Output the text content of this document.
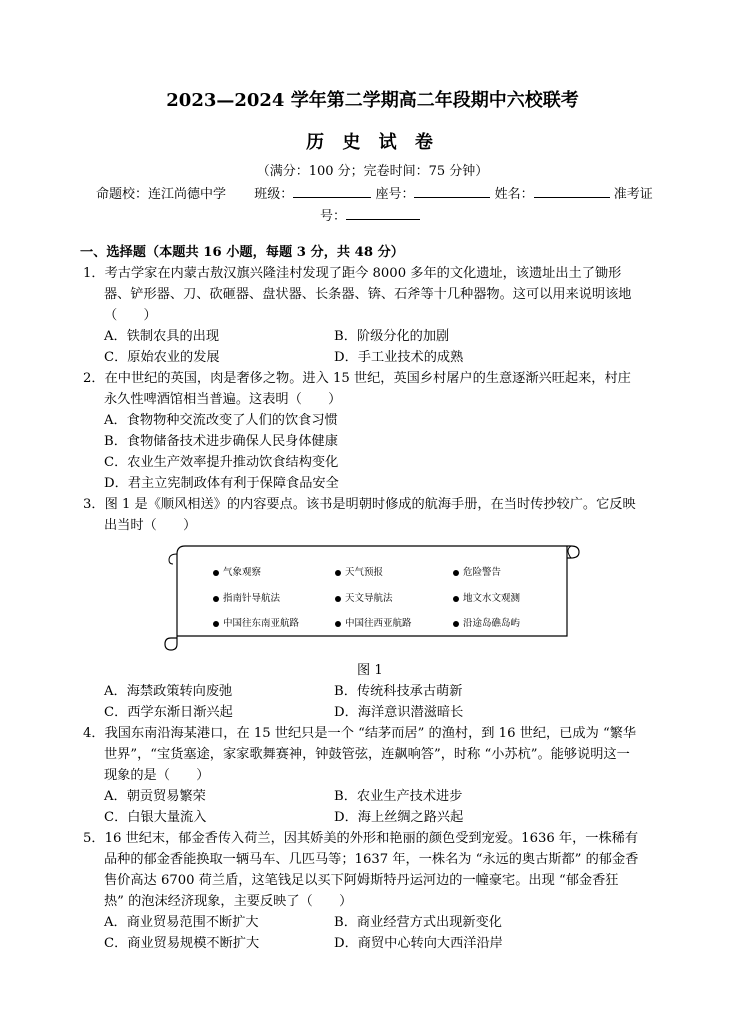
2023—2024 学年第二学期高二年段期中六校联考
历 史 试 卷
（满分：100 分；完卷时间：75 分钟）
命题校：连江尚德中学 班级：	座号：	姓名：	准考证
号：
一、选择题（本题共 16 小题，每题 3 分，共 48 分）
1．考古学家在内蒙古敖汉旗兴隆洼村发现了距今 8000 多年的文化遗址，该遗址出土了锄形
器、铲形器、刀、砍砸器、盘状器、长条器、锛、石斧等十几种器物。这可以用来说明该地
（　　）
A．铁制农具的出现	B．阶级分化的加剧
C．原始农业的发展	D．手工业技术的成熟
2．在中世纪的英国，肉是奢侈之物。进入 15 世纪，英国乡村屠户的生意逐渐兴旺起来，村庄
永久性啤酒馆相当普遍。这表明（　　）
A．食物物种交流改变了人们的饮食习惯
B．食物储备技术进步确保人民身体健康
C．农业生产效率提升推动饮食结构变化
D．君主立宪制政体有利于保障食品安全
3．图 1 是《顺风相送》的内容要点。该书是明朝时修成的航海手册，在当时传抄较广。它反映
出当时（　　）
气象观察	天气预报	危险警告
指南针导航法	天文导航法	地文水文观测
中国往东南亚航路	中国往西亚航路	沿途岛礁岛屿
图 1
A．海禁政策转向废弛	B．传统科技承古萌新
C．西学东渐日渐兴起	D．海洋意识潜滋暗长
4．我国东南沿海某港口，在 15 世纪只是一个 “结茅而居” 的渔村，到 16 世纪，已成为 “繁华
世界”，“宝货塞途，家家歌舞赛神，钟鼓管弦，连飙响答”，时称 “小苏杭”。能够说明这一
现象的是（　　）
A．朝贡贸易繁荣	B．农业生产技术进步
C．白银大量流入	D．海上丝绸之路兴起
5．16 世纪末，郁金香传入荷兰，因其娇美的外形和艳丽的颜色受到宠爱。1636 年，一株稀有
品种的郁金香能换取一辆马车、几匹马等；1637 年，一株名为 “永远的奥古斯都” 的郁金香
售价高达 6700 荷兰盾，这笔钱足以买下阿姆斯特丹运河边的一幢豪宅。出现 “郁金香狂
热” 的泡沫经济现象，主要反映了（　　）
A．商业贸易范围不断扩大	B．商业经营方式出现新变化
C．商业贸易规模不断扩大	D．商贸中心转向大西洋沿岸
